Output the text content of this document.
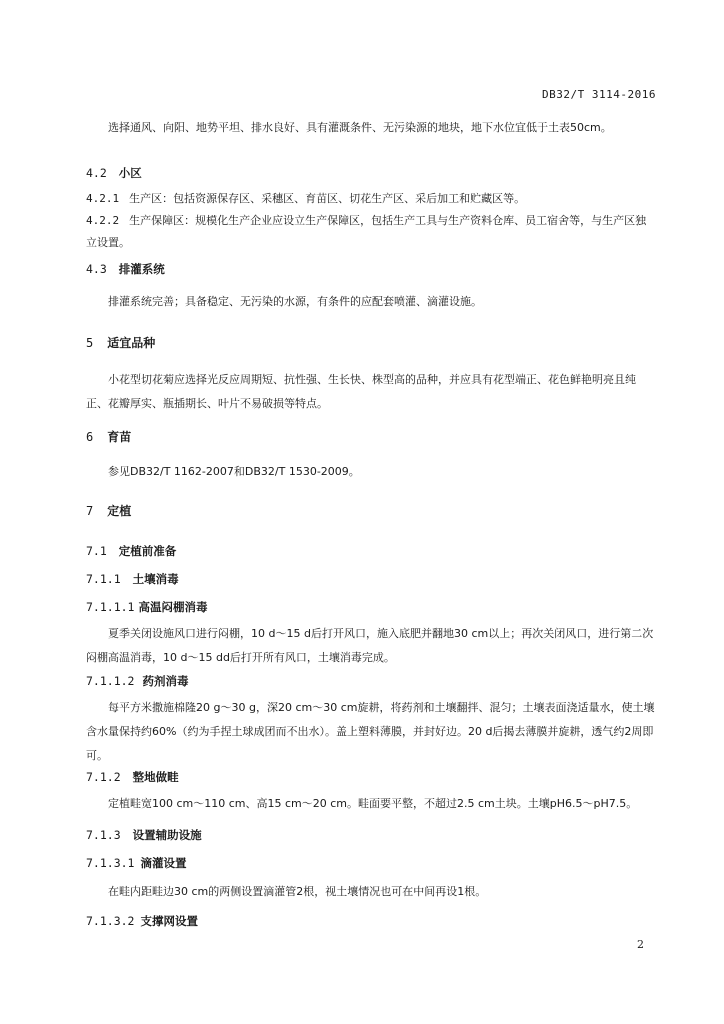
DB32/T 3114-2016

选择通风、向阳、地势平坦、排水良好、具有灌溉条件、无污染源的地块，地下水位宜低于土表50cm。

4.2 小区

4.2.1 生产区：包括资源保存区、采穗区、育苗区、切花生产区、采后加工和贮藏区等。

4.2.2 生产保障区：规模化生产企业应设立生产保障区，包括生产工具与生产资料仓库、员工宿舍等，与生产区独立设置。

4.3 排灌系统

排灌系统完善；具备稳定、无污染的水源，有条件的应配套喷灌、滴灌设施。

5 适宜品种

小花型切花菊应选择光反应周期短、抗性强、生长快、株型高的品种，并应具有花型端正、花色鲜艳明亮且纯正、花瓣厚实、瓶插期长、叶片不易破损等特点。

6 育苗

参见DB32/T 1162-2007和DB32/T 1530-2009。

7 定植
7.1 定植前准备
7.1.1 土壤消毒
7.1.1.1 高温闷棚消毒

夏季关闭设施风口进行闷棚，10 d～15 d后打开风口，施入底肥并翻地30 cm以上；再次关闭风口，进行第二次闷棚高温消毒，10 d～15 dd后打开所有风口，土壤消毒完成。

7.1.1.2 药剂消毒

每平方米撒施棉隆20 g～30 g，深20 cm～30 cm旋耕，将药剂和土壤翻拌、混匀；土壤表面浇适量水，使土壤含水量保持约60%（约为手捏土球成团而不出水）。盖上塑料薄膜，并封好边。20 d后揭去薄膜并旋耕，透气约2周即可。

7.1.2 整地做畦

定植畦宽100 cm～110 cm、高15 cm～20 cm。畦面要平整，不超过2.5 cm土块。土壤pH6.5～pH7.5。

7.1.3 设置辅助设施
7.1.3.1 滴灌设置

在畦内距畦边30 cm的两侧设置滴灌管2根，视土壤情况也可在中间再设1根。

7.1.3.2 支撑网设置
2
